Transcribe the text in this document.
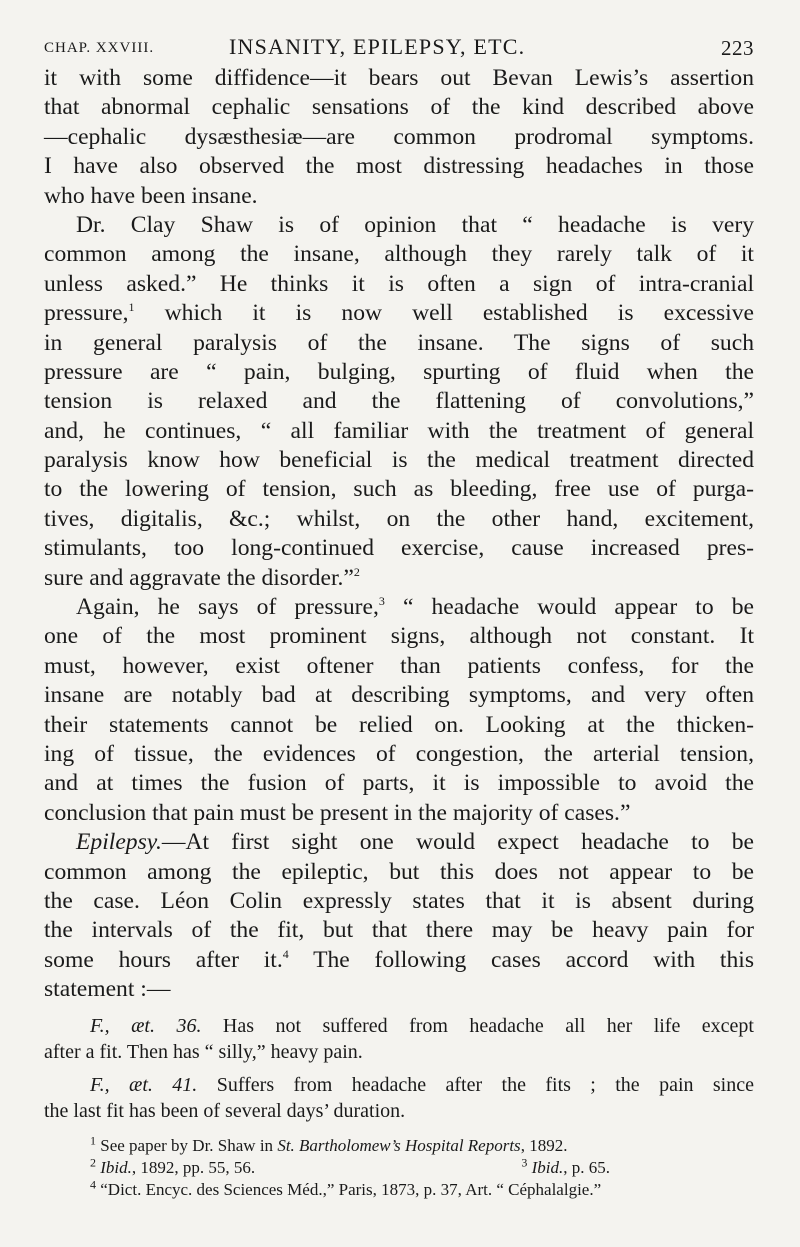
CHAP. XXVIII.	INSANITY, EPILEPSY, ETC.	223
it with some diffidence—it bears out Bevan Lewis’s assertion
that abnormal cephalic sensations of the kind described above
—cephalic dysæsthesiæ—are common prodromal symptoms.
I have also observed the most distressing headaches in those
who have been insane.
Dr. Clay Shaw is of opinion that “ headache is very
common among the insane, although they rarely talk of it
unless asked.” He thinks it is often a sign of intra-cranial
pressure,$^1$ which it is now well established is excessive
in general paralysis of the insane. The signs of such
pressure are “ pain, bulging, spurting of fluid when the
tension is relaxed and the flattening of convolutions,”
and, he continues, “ all familiar with the treatment of general
paralysis know how beneficial is the medical treatment directed
to the lowering of tension, such as bleeding, free use of purga-
tives, digitalis, &c.; whilst, on the other hand, excitement,
stimulants, too long-continued exercise, cause increased pres-
sure and aggravate the disorder.”$^2$
Again, he says of pressure,$^3$ “ headache would appear to be
one of the most prominent signs, although not constant. It
must, however, exist oftener than patients confess, for the
insane are notably bad at describing symptoms, and very often
their statements cannot be relied on. Looking at the thicken-
ing of tissue, the evidences of congestion, the arterial tension,
and at times the fusion of parts, it is impossible to avoid the
conclusion that pain must be present in the majority of cases.”
Epilepsy.—At first sight one would expect headache to be
common among the epileptic, but this does not appear to be
the case. Léon Colin expressly states that it is absent during
the intervals of the fit, but that there may be heavy pain for
some hours after it.$^4$ The following cases accord with this
statement :—
F., æt. 36. Has not suffered from headache all her life except
after a fit. Then has “ silly,” heavy pain.
F., æt. 41. Suffers from headache after the fits ; the pain since
the last fit has been of several days’ duration.
$^1$ See paper by Dr. Shaw in St. Bartholomew’s Hospital Reports, 1892.
$^2$ Ibid., 1892, pp. 55, 56.	$^3$ Ibid., p. 65.
$^4$ “Dict. Encyc. des Sciences Méd.,” Paris, 1873, p. 37, Art. “ Céphalalgie.”
